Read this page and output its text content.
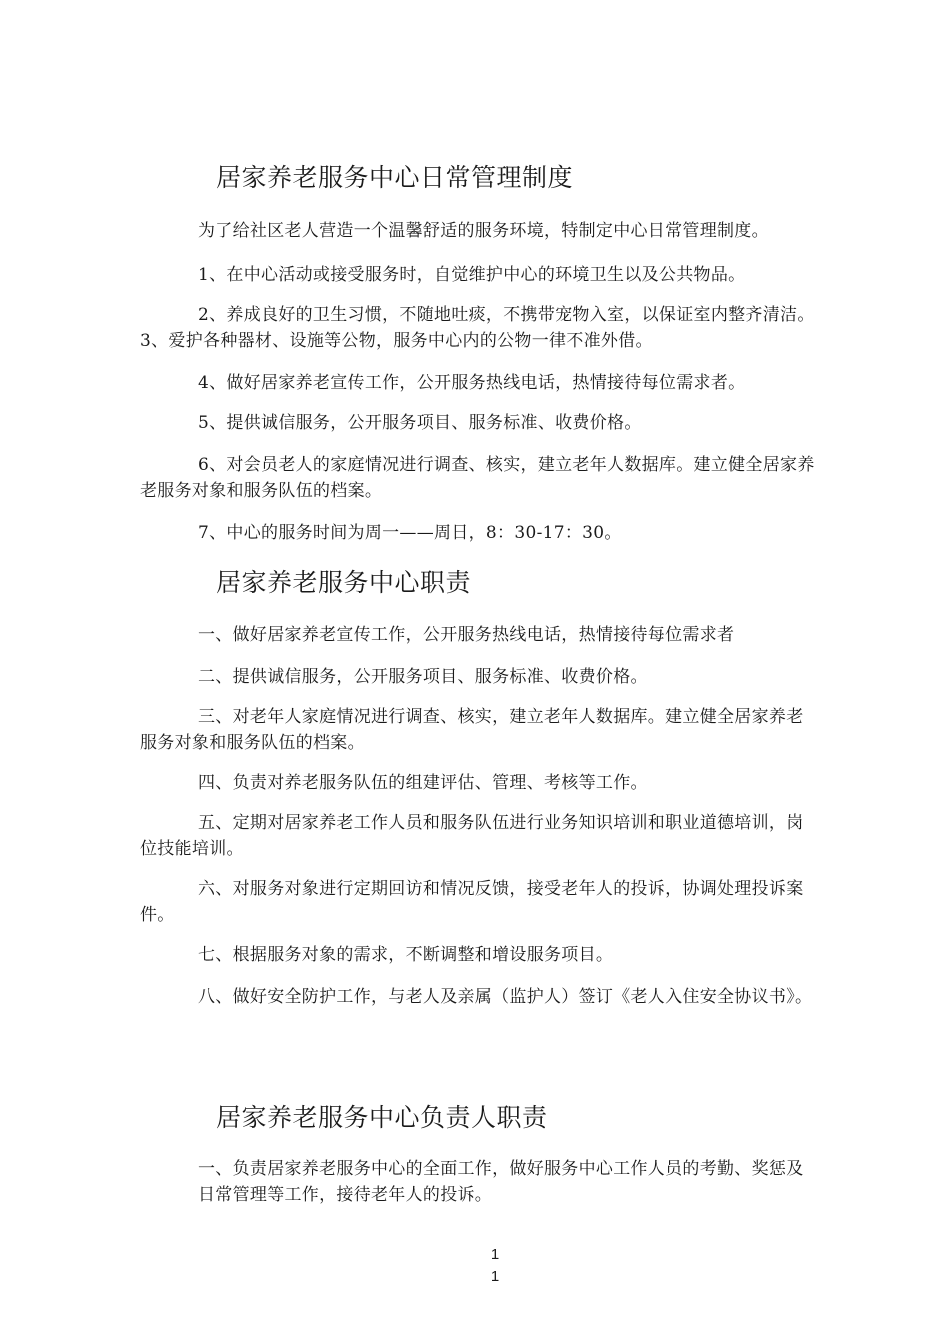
居家养老服务中心日常管理制度

为了给社区老人营造一个温馨舒适的服务环境，特制定中心日常管理制度。

1、在中心活动或接受服务时，自觉维护中心的环境卫生以及公共物品。

2、养成良好的卫生习惯，不随地吐痰，不携带宠物入室，以保证室内整齐清洁。3、爱护各种器材、设施等公物，服务中心内的公物一律不准外借。

4、做好居家养老宣传工作，公开服务热线电话，热情接待每位需求者。

5、提供诚信服务，公开服务项目、服务标准、收费价格。

6、对会员老人的家庭情况进行调查、核实，建立老年人数据库。建立健全居家养老服务对象和服务队伍的档案。

7、中心的服务时间为周一——周日，8：30-17：30。

居家养老服务中心职责

一、做好居家养老宣传工作，公开服务热线电话，热情接待每位需求者

二、提供诚信服务，公开服务项目、服务标准、收费价格。

三、对老年人家庭情况进行调查、核实，建立老年人数据库。建立健全居家养老服务对象和服务队伍的档案。

四、负责对养老服务队伍的组建评估、管理、考核等工作。

五、定期对居家养老工作人员和服务队伍进行业务知识培训和职业道德培训，岗位技能培训。

六、对服务对象进行定期回访和情况反馈，接受老年人的投诉，协调处理投诉案件。

七、根据服务对象的需求，不断调整和增设服务项目。

八、做好安全防护工作，与老人及亲属（监护人）签订《老人入住安全协议书》。

居家养老服务中心负责人职责

一、负责居家养老服务中心的全面工作，做好服务中心工作人员的考勤、奖惩及日常管理等工作，接待老年人的投诉。

1
1
